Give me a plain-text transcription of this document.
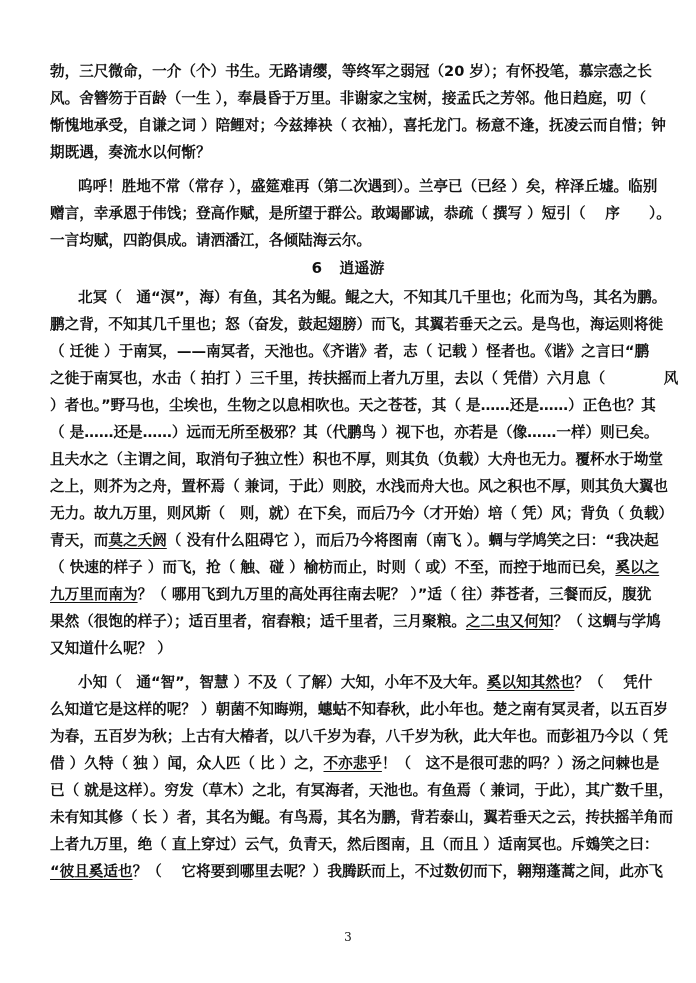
勃，三尺微命，一介（个）书生。无路请缨，等终军之弱冠（20 岁）；有怀投笔，慕宗悫之长
风。舍簪笏于百龄（一生 ），奉晨昏于万里。非谢家之宝树，接孟氏之芳邻。他日趋庭，叨（
惭愧地承受，自谦之词 ）陪鲤对；今兹捧袂（ 衣袖），喜托龙门。杨意不逢，抚凌云而自惜；钟
期既遇，奏流水以何惭？
呜呼！胜地不常（常存 ），盛筵难再（第二次遇到）。兰亭已（已经 ）矣，梓泽丘墟。临别
赠言，幸承恩于伟饯；登高作赋，是所望于群公。敢竭鄙诚，恭疏（ 撰写 ）短引（　 序　　）。
一言均赋，四韵俱成。请洒潘江，各倾陆海云尔。
6 逍遥游
北冥（　通“溟”，海）有鱼，其名为鲲。鲲之大，不知其几千里也；化而为鸟，其名为鹏。
鹏之背，不知其几千里也；怒（奋发，鼓起翅膀）而飞，其翼若垂天之云。是鸟也，海运则将徙
（ 迁徙 ）于南冥，——南冥者，天池也。《齐谐》者，志（ 记载 ）怪者也。《谐》之言曰“鹏
之徙于南冥也，水击（ 拍打 ）三千里，抟扶摇而上者九万里，去以（ 凭借）六月息（　　　　风
）者也。”野马也，尘埃也，生物之以息相吹也。天之苍苍，其（ 是……还是……）正色也？其
（ 是……还是……）远而无所至极邪？其（代鹏鸟 ）视下也，亦若是（像……一样）则已矣。
且夫水之（主谓之间，取消句子独立性）积也不厚，则其负（负载）大舟也无力。覆杯水于坳堂
之上，则芥为之舟，置杯焉（ 兼词，于此）则胶，水浅而舟大也。风之积也不厚，则其负大翼也
无力。故九万里，则风斯（　则，就）在下矣，而后乃今（才开始）培（ 凭）风；背负（ 负载）
青天，而莫之夭阏（ 没有什么阻碍它 ），而后乃今将图南（南飞 ）。蜩与学鸠笑之曰：“我决起
（ 快速的样子 ）而飞，抢（ 触、碰 ）榆枋而止，时则（ 或）不至，而控于地而已矣，奚以之
九万里而南为？（ 哪用飞到九万里的高处再往南去呢？ ）”适（ 往）莽苍者，三餐而反，腹犹
果然（很饱的样子）；适百里者，宿舂粮；适千里者，三月聚粮。之二虫又何知？（ 这蜩与学鸠
又知道什么呢？ ）
小知（　通“智”，智慧 ）不及（ 了解）大知，小年不及大年。奚以知其然也？（　 凭什
么知道它是这样的呢？ ）朝菌不知晦朔，蟪蛄不知春秋，此小年也。楚之南有冥灵者，以五百岁
为春，五百岁为秋；上古有大椿者，以八千岁为春，八千岁为秋，此大年也。而彭祖乃今以（ 凭
借 ）久特（ 独 ）闻，众人匹（ 比 ）之，不亦悲乎！（　这不是很可悲的吗？）汤之问棘也是
已（ 就是这样）。穷发（草木）之北，有冥海者，天池也。有鱼焉（ 兼词，于此），其广数千里，
未有知其修（ 长 ）者，其名为鲲。有鸟焉，其名为鹏，背若泰山，翼若垂天之云，抟扶摇羊角而
上者九万里，绝（ 直上穿过）云气，负青天，然后图南，且（而且 ）适南冥也。斥鴳笑之曰：
“彼且奚适也？（　 它将要到哪里去呢？）我腾跃而上，不过数仞而下，翱翔蓬蒿之间，此亦飞
3
